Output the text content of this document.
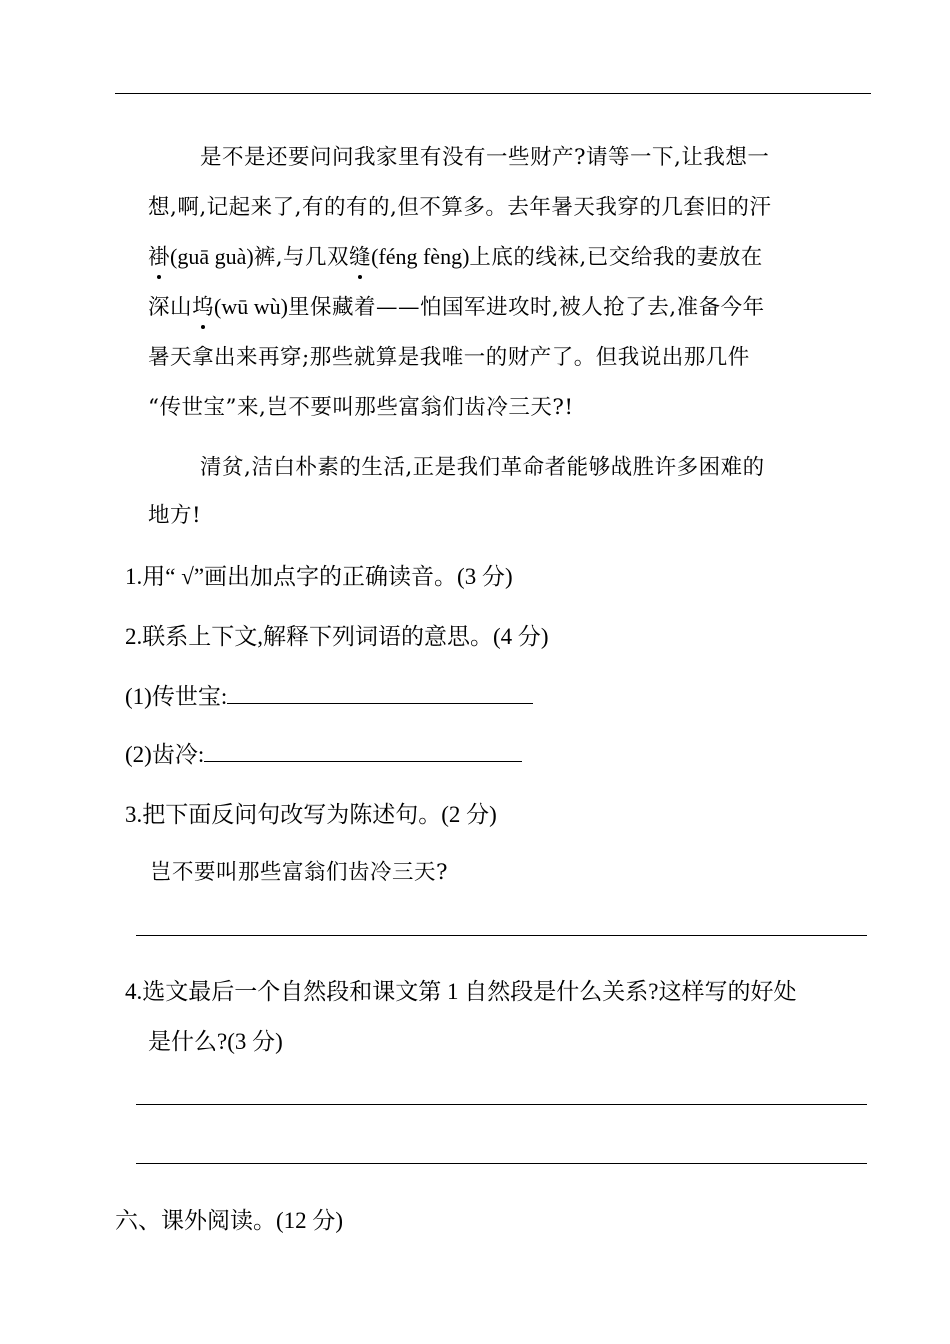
是不是还要问问我家里有没有一些财产?请等一下,让我想一
想,啊,记起来了,有的有的,但不算多。去年暑天我穿的几套旧的汗
褂(guā guà)裤,与几双缝(féng fèng)上底的线袜,已交给我的妻放在
深山坞(wū wù)里保藏着——怕国军进攻时,被人抢了去,准备今年
暑天拿出来再穿;那些就算是我唯一的财产了。但我说出那几件
“传世宝”来,岂不要叫那些富翁们齿冷三天?!
清贫,洁白朴素的生活,正是我们革命者能够战胜许多困难的
地方!
1.用“ √”画出加点字的正确读音。(3 分)
2.联系上下文,解释下列词语的意思。(4 分)
(1)传世宝:
(2)齿冷:
3.把下面反问句改写为陈述句。(2 分)
岂不要叫那些富翁们齿冷三天?
4.选文最后一个自然段和课文第 1 自然段是什么关系?这样写的好处
是什么?(3 分)
六、课外阅读。(12 分)
